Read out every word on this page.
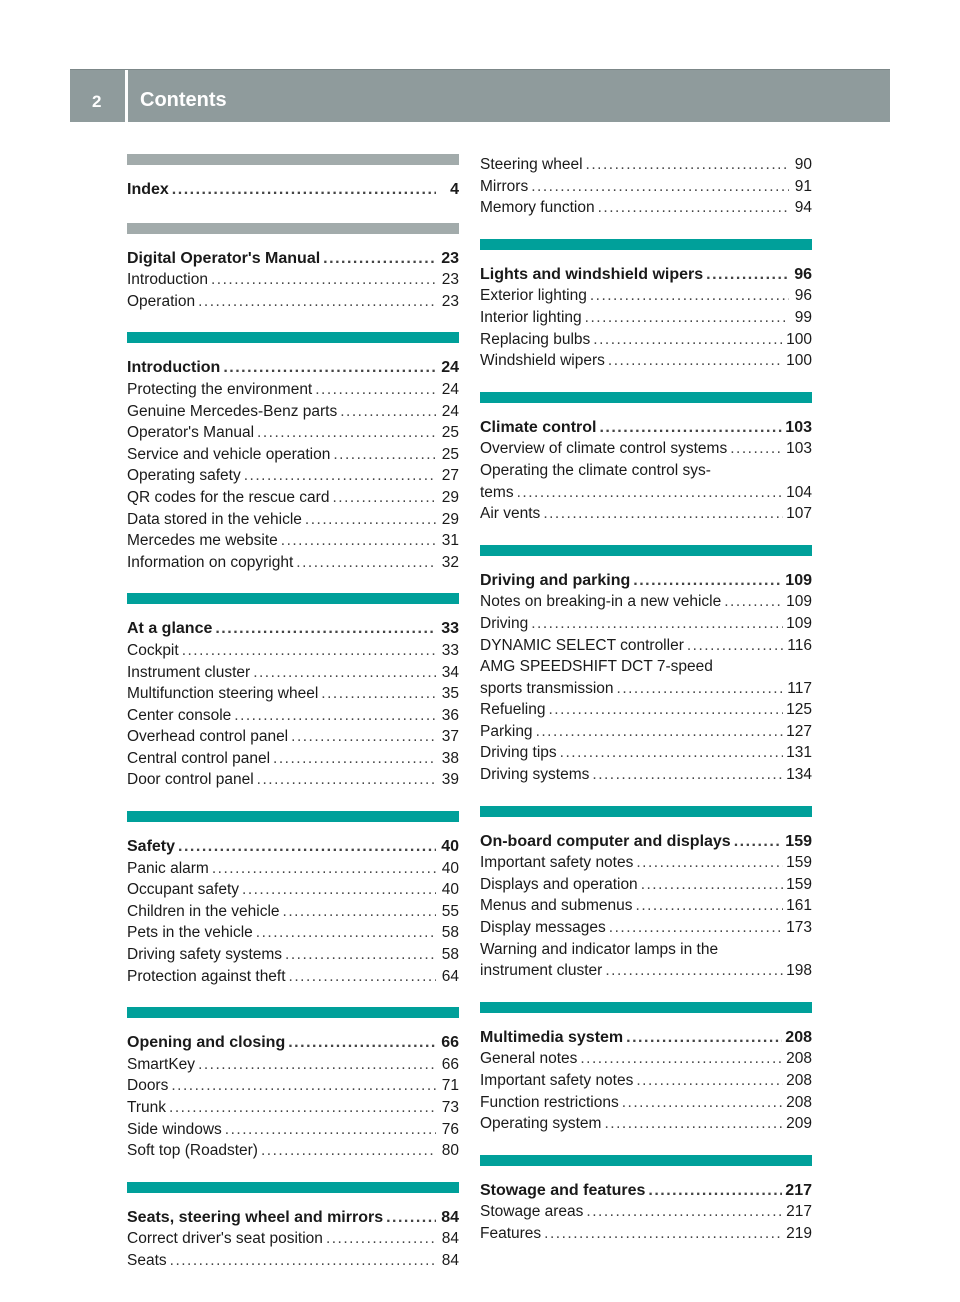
2 Contents
Index .....	4
Digital Operator's Manual .....	23
Introduction .....	23
Operation .....	23
Introduction .....	24
Protecting the environment .....	24
Genuine Mercedes-Benz parts .....	24
Operator's Manual .....	25
Service and vehicle operation .....	25
Operating safety .....	27
QR codes for the rescue card .....	29
Data stored in the vehicle .....	29
Mercedes me website .....	31
Information on copyright .....	32
At a glance .....	33
Cockpit .....	33
Instrument cluster .....	34
Multifunction steering wheel .....	35
Center console .....	36
Overhead control panel .....	37
Central control panel .....	38
Door control panel .....	39
Safety .....	40
Panic alarm .....	40
Occupant safety .....	40
Children in the vehicle .....	55
Pets in the vehicle .....	58
Driving safety systems .....	58
Protection against theft .....	64
Opening and closing .....	66
SmartKey .....	66
Doors .....	71
Trunk .....	73
Side windows .....	76
Soft top (Roadster) .....	80
Seats, steering wheel and mirrors .....	84
Correct driver's seat position .....	84
Seats .....	84
Steering wheel .....	90
Mirrors .....	91
Memory function .....	94
Lights and windshield wipers .....	96
Exterior lighting .....	96
Interior lighting .....	99
Replacing bulbs .....	100
Windshield wipers .....	100
Climate control .....	103
Overview of climate control systems .....	103
Operating the climate control sys-
tems .....	104
Air vents .....	107
Driving and parking .....	109
Notes on breaking-in a new vehicle .....	109
Driving .....	109
DYNAMIC SELECT controller .....	116
AMG SPEEDSHIFT DCT 7-speed
sports transmission .....	117
Refueling .....	125
Parking .....	127
Driving tips .....	131
Driving systems .....	134
On-board computer and displays .....	159
Important safety notes .....	159
Displays and operation .....	159
Menus and submenus .....	161
Display messages .....	173
Warning and indicator lamps in the
instrument cluster .....	198
Multimedia system .....	208
General notes .....	208
Important safety notes .....	208
Function restrictions .....	208
Operating system .....	209
Stowage and features .....	217
Stowage areas .....	217
Features .....	219
